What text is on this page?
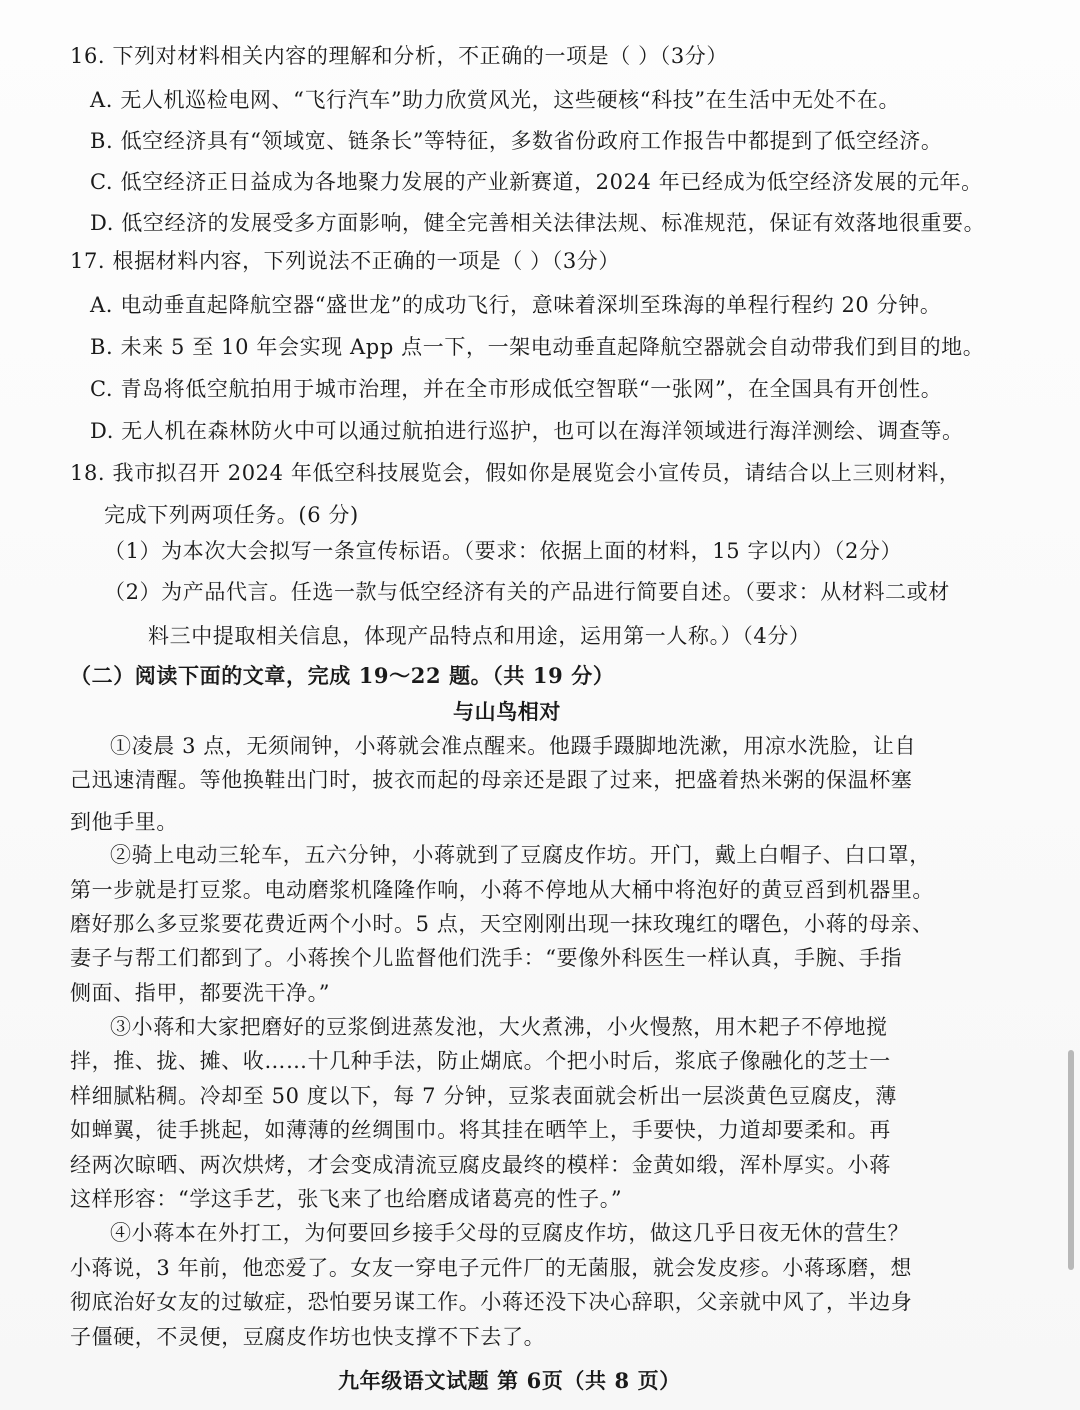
16. 下列对材料相关内容的理解和分析，不正确的一项是（ ）（3分）
A. 无人机巡检电网、“飞行汽车”助力欣赏风光，这些硬核“科技”在生活中无处不在。
B. 低空经济具有“领域宽、链条长”等特征，多数省份政府工作报告中都提到了低空经济。
C. 低空经济正日益成为各地聚力发展的产业新赛道，2024 年已经成为低空经济发展的元年。
D. 低空经济的发展受多方面影响，健全完善相关法律法规、标准规范，保证有效落地很重要。
17. 根据材料内容，下列说法不正确的一项是（ ）（3分）
A. 电动垂直起降航空器“盛世龙”的成功飞行，意味着深圳至珠海的单程行程约 20 分钟。
B. 未来 5 至 10 年会实现 App 点一下，一架电动垂直起降航空器就会自动带我们到目的地。
C. 青岛将低空航拍用于城市治理，并在全市形成低空智联“一张网”，在全国具有开创性。
D. 无人机在森林防火中可以通过航拍进行巡护，也可以在海洋领域进行海洋测绘、调查等。
18. 我市拟召开 2024 年低空科技展览会，假如你是展览会小宣传员，请结合以上三则材料，
完成下列两项任务。(6 分)
（1）为本次大会拟写一条宣传标语。（要求：依据上面的材料，15 字以内）（2分）
（2）为产品代言。任选一款与低空经济有关的产品进行简要自述。（要求：从材料二或材
料三中提取相关信息，体现产品特点和用途，运用第一人称。）（4分）
（二）阅读下面的文章，完成 19～22 题。（共 19 分）
与山鸟相对
①凌晨 3 点，无须闹钟，小蒋就会准点醒来。他蹑手蹑脚地洗漱，用凉水洗脸，让自
己迅速清醒。等他换鞋出门时，披衣而起的母亲还是跟了过来，把盛着热米粥的保温杯塞
到他手里。
②骑上电动三轮车，五六分钟，小蒋就到了豆腐皮作坊。开门，戴上白帽子、白口罩，
第一步就是打豆浆。电动磨浆机隆隆作响，小蒋不停地从大桶中将泡好的黄豆舀到机器里。
磨好那么多豆浆要花费近两个小时。5 点，天空刚刚出现一抹玫瑰红的曙色，小蒋的母亲、
妻子与帮工们都到了。小蒋挨个儿监督他们洗手：“要像外科医生一样认真，手腕、手指
侧面、指甲，都要洗干净。”
③小蒋和大家把磨好的豆浆倒进蒸发池，大火煮沸，小火慢熬，用木耙子不停地搅
拌，推、拢、摊、收……十几种手法，防止煳底。个把小时后，浆底子像融化的芝士一
样细腻粘稠。冷却至 50 度以下，每 7 分钟，豆浆表面就会析出一层淡黄色豆腐皮，薄
如蝉翼，徒手挑起，如薄薄的丝绸围巾。将其挂在晒竿上，手要快，力道却要柔和。再
经两次晾晒、两次烘烤，才会变成清流豆腐皮最终的模样：金黄如缎，浑朴厚实。小蒋
这样形容：“学这手艺，张飞来了也给磨成诸葛亮的性子。”
④小蒋本在外打工，为何要回乡接手父母的豆腐皮作坊，做这几乎日夜无休的营生？
小蒋说，3 年前，他恋爱了。女友一穿电子元件厂的无菌服，就会发皮疹。小蒋琢磨，想
彻底治好女友的过敏症，恐怕要另谋工作。小蒋还没下决心辞职，父亲就中风了，半边身
子僵硬，不灵便，豆腐皮作坊也快支撑不下去了。
九年级语文试题 第 6页（共 8 页）
